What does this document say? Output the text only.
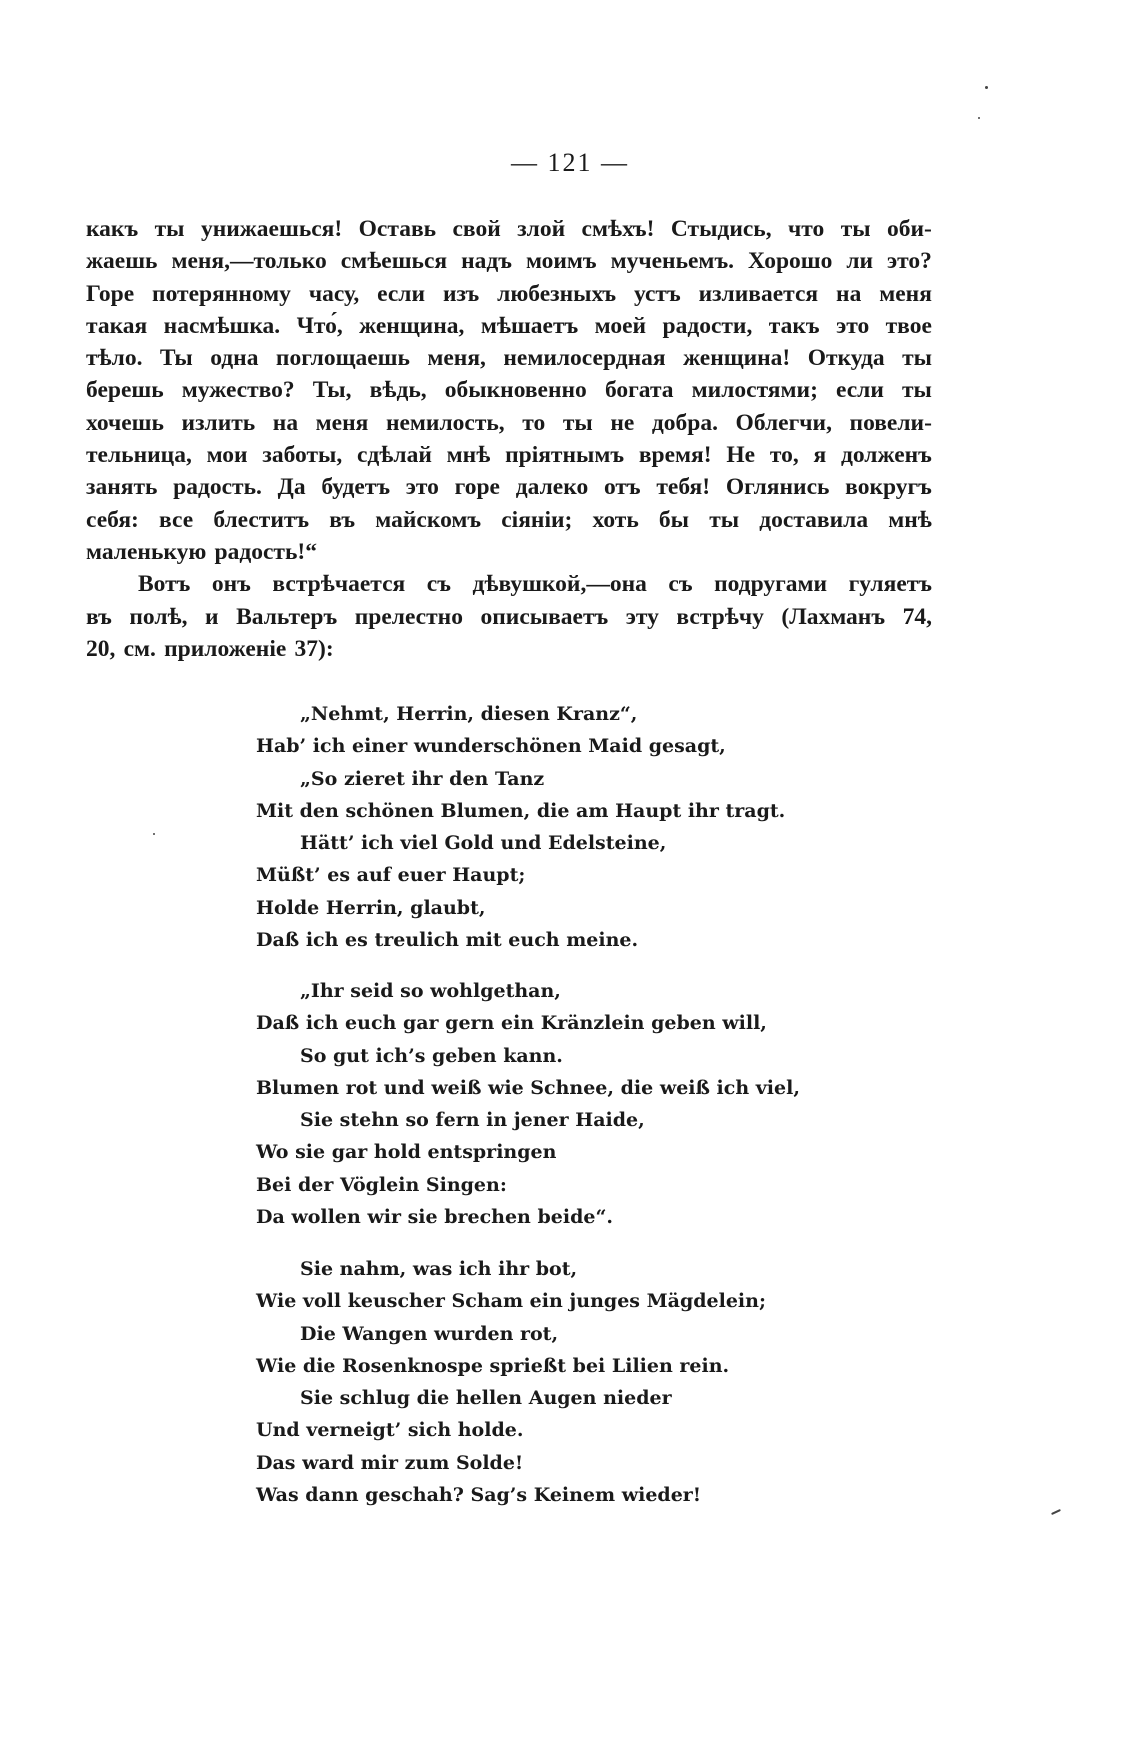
— 121 —
какъ ты унижаешься! Оставь свой злой смѣхъ! Стыдись, что ты оби-
жаешь меня,—только смѣешься надъ моимъ мученьемъ. Хорошо ли это?
Горе потерянному часу, если изъ любезныхъ устъ изливается на меня
такая насмѣшка. Что́, женщина, мѣшаетъ моей радости, такъ это твое
тѣло. Ты одна поглощаешь меня, немилосердная женщина! Откуда ты
берешь мужество? Ты, вѣдь, обыкновенно богата милостями; если ты
хочешь излить на меня немилость, то ты не добра. Облегчи, повели-
тельница, мои заботы, сдѣлай мнѣ пріятнымъ время! Не то, я долженъ
занять радость. Да будетъ это горе далеко отъ тебя! Оглянись вокругъ
себя: все блеститъ въ майскомъ сіяніи; хоть бы ты доставила мнѣ
маленькую радость!“
Вотъ онъ встрѣчается съ дѣвушкой,—она съ подругами гуляетъ
въ полѣ, и Вальтеръ прелестно описываетъ эту встрѣчу (Лахманъ 74,
20, см. приложеніе 37):
„Nehmt, Herrin, diesen Kranz“,
Hab’ ich einer wunderschönen Maid gesagt,
„So zieret ihr den Tanz
Mit den schönen Blumen, die am Haupt ihr tragt.
Hätt’ ich viel Gold und Edelsteine,
Müßt’ es auf euer Haupt;
Holde Herrin, glaubt,
Daß ich es treulich mit euch meine.
„Ihr seid so wohlgethan,
Daß ich euch gar gern ein Kränzlein geben will,
So gut ich’s geben kann.
Blumen rot und weiß wie Schnee, die weiß ich viel,
Sie stehn so fern in jener Haide,
Wo sie gar hold entspringen
Bei der Vöglein Singen:
Da wollen wir sie brechen beide“.
Sie nahm, was ich ihr bot,
Wie voll keuscher Scham ein junges Mägdelein;
Die Wangen wurden rot,
Wie die Rosenknospe sprießt bei Lilien rein.
Sie schlug die hellen Augen nieder
Und verneigt’ sich holde.
Das ward mir zum Solde!
Was dann geschah? Sag’s Keinem wieder!
